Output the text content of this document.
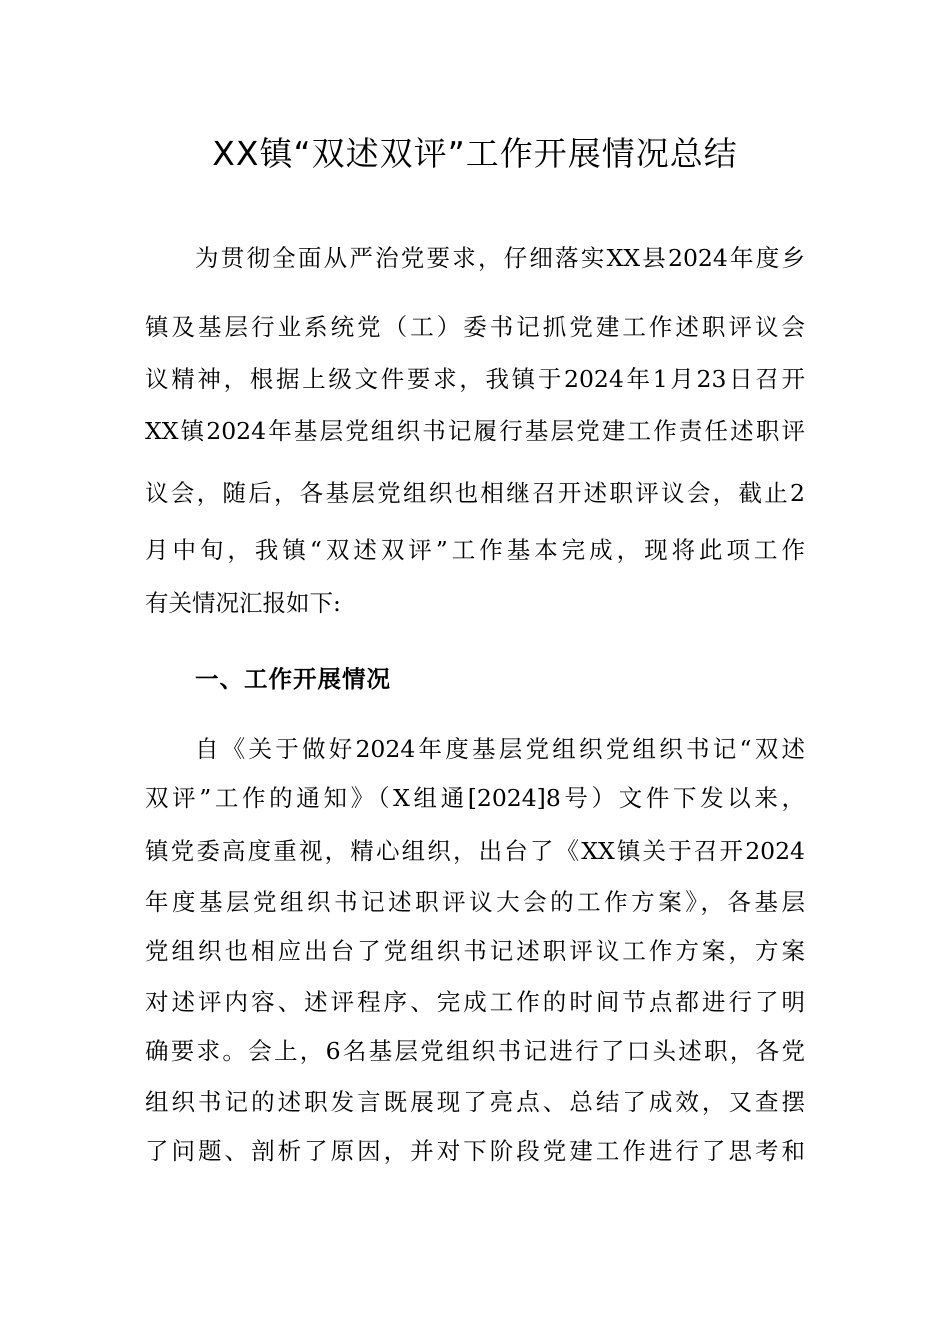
XX镇“双述双评”工作开展情况总结
为贯彻全面从严治党要求，仔细落实XX县2024年度乡
镇及基层行业系统党（工）委书记抓党建工作述职评议会
议精神，根据上级文件要求，我镇于2024年1月23日召开
XX镇2024年基层党组织书记履行基层党建工作责任述职评
议会，随后，各基层党组织也相继召开述职评议会，截止2
月中旬，我镇“双述双评”工作基本完成，现将此项工作
有关情况汇报如下:
一、工作开展情况
自《关于做好2024年度基层党组织党组织书记“双述
双评”工作的通知》（X组通[2024]8号）文件下发以来，
镇党委高度重视，精心组织，出台了《XX镇关于召开2024
年度基层党组织书记述职评议大会的工作方案》，各基层
党组织也相应出台了党组织书记述职评议工作方案，方案
对述评内容、述评程序、完成工作的时间节点都进行了明
确要求。会上，6名基层党组织书记进行了口头述职，各党
组织书记的述职发言既展现了亮点、总结了成效，又查摆
了问题、剖析了原因，并对下阶段党建工作进行了思考和
